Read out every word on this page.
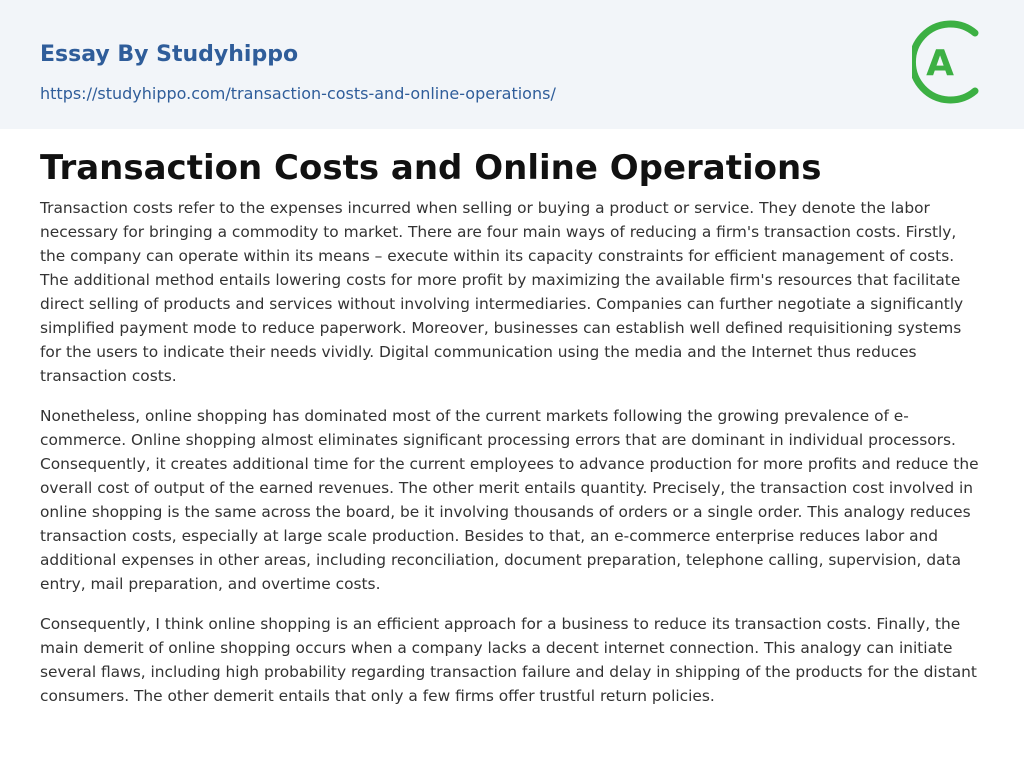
Essay By Studyhippo
https://studyhippo.com/transaction-costs-and-online-operations/
A
Transaction Costs and Online Operations

Transaction costs refer to the expenses incurred when selling or buying a product or service. They denote the labor necessary for bringing a commodity to market. There are four main ways of reducing a firm's transaction costs. Firstly, the company can operate within its means – execute within its capacity constraints for efficient management of costs. The additional method entails lowering costs for more profit by maximizing the available firm's resources that facilitate direct selling of products and services without involving intermediaries. Companies can further negotiate a significantly simplified payment mode to reduce paperwork. Moreover, businesses can establish well defined requisitioning systems for the users to indicate their needs vividly. Digital communication using the media and the Internet thus reduces transaction costs.

Nonetheless, online shopping has dominated most of the current markets following the growing prevalence of e-commerce. Online shopping almost eliminates significant processing errors that are dominant in individual processors. Consequently, it creates additional time for the current employees to advance production for more profits and reduce the overall cost of output of the earned revenues. The other merit entails quantity. Precisely, the transaction cost involved in online shopping is the same across the board, be it involving thousands of orders or a single order. This analogy reduces transaction costs, especially at large scale production. Besides to that, an e-commerce enterprise reduces labor and additional expenses in other areas, including reconciliation, document preparation, telephone calling, supervision, data entry, mail preparation, and overtime costs.

Consequently, I think online shopping is an efficient approach for a business to reduce its transaction costs. Finally, the main demerit of online shopping occurs when a company lacks a decent internet connection. This analogy can initiate several flaws, including high probability regarding transaction failure and delay in shipping of the products for the distant consumers. The other demerit entails that only a few firms offer trustful return policies.
